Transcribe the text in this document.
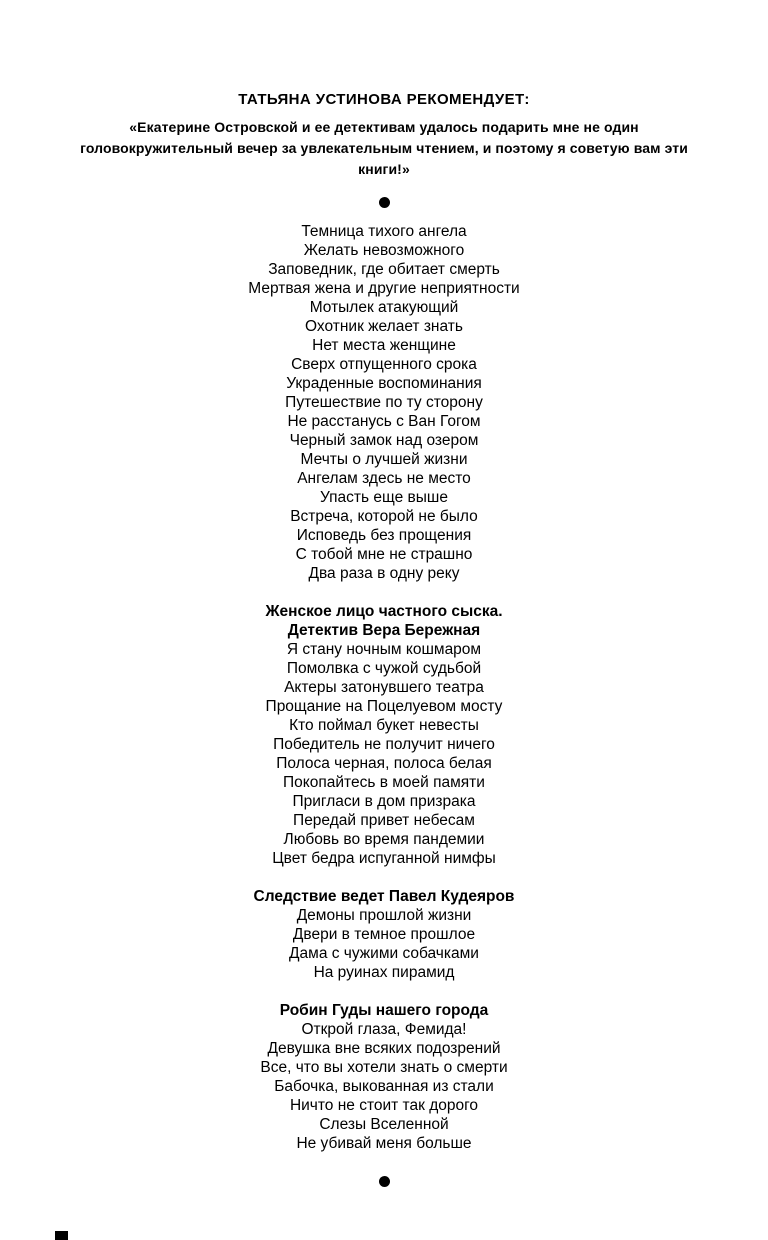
ТАТЬЯНА УСТИНОВА РЕКОМЕНДУЕТ:
«Екатерине Островской и ее детективам удалось подарить мне не один
головокружительный вечер за увлекательным чтением, и поэтому я советую вам эти книги!»
Темница тихого ангела
Желать невозможного
Заповедник, где обитает смерть
Мертвая жена и другие неприятности
Мотылек атакующий
Охотник желает знать
Нет места женщине
Сверх отпущенного срока
Украденные воспоминания
Путешествие по ту сторону
Не расстанусь с Ван Гогом
Черный замок над озером
Мечты о лучшей жизни
Ангелам здесь не место
Упасть еще выше
Встреча, которой не было
Исповедь без прощения
С тобой мне не страшно
Два раза в одну реку
Женское лицо частного сыска.
Детектив Вера Бережная
Я стану ночным кошмаром
Помолвка с чужой судьбой
Актеры затонувшего театра
Прощание на Поцелуевом мосту
Кто поймал букет невесты
Победитель не получит ничего
Полоса черная, полоса белая
Покопайтесь в моей памяти
Пригласи в дом призрака
Передай привет небесам
Любовь во время пандемии
Цвет бедра испуганной нимфы
Следствие ведет Павел Кудеяров
Демоны прошлой жизни
Двери в темное прошлое
Дама с чужими собачками
На руинах пирамид
Робин Гуды нашего города
Открой глаза, Фемида!
Девушка вне всяких подозрений
Все, что вы хотели знать о смерти
Бабочка, выкованная из стали
Ничто не стоит так дорого
Слезы Вселенной
Не убивай меня больше
